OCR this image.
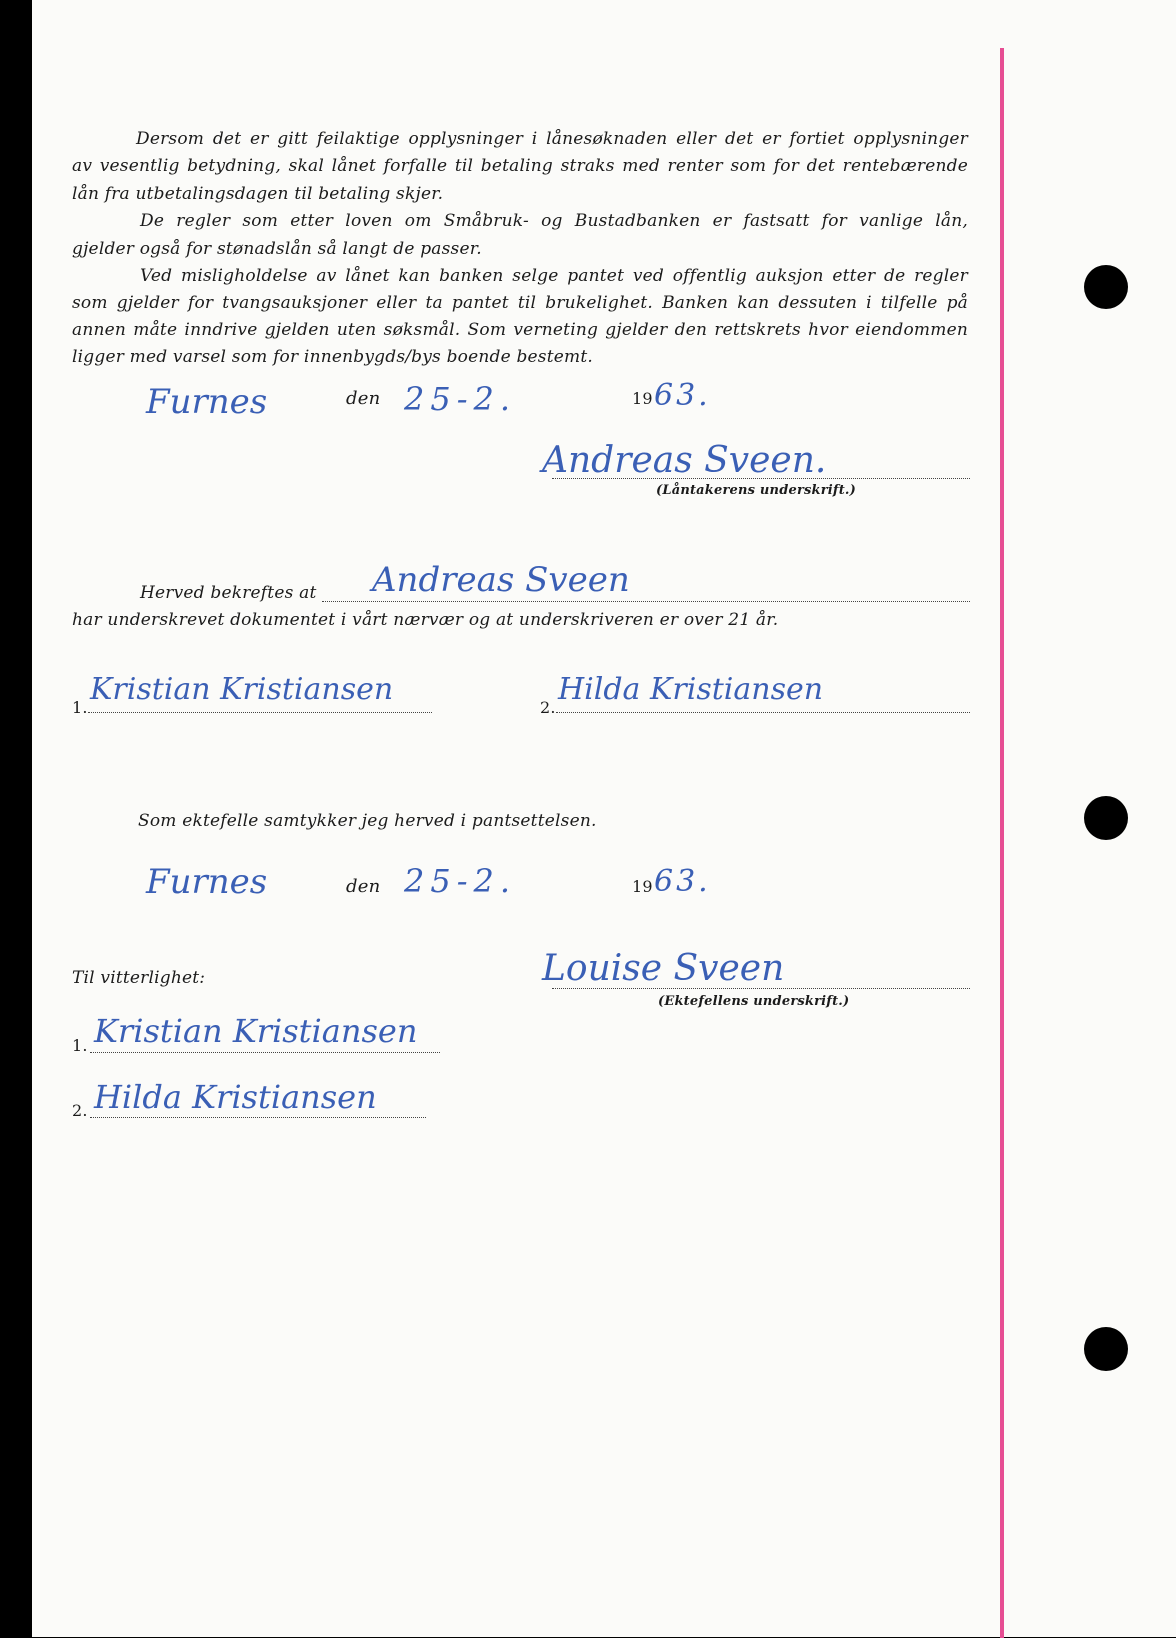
Dersom det er gitt feilaktige opplysninger i lånesøknaden eller det er fortiet opplysninger

av vesentlig betydning, skal lånet forfalle til betaling straks med renter som for det rentebærende

lån fra utbetalingsdagen til betaling skjer.

De regler som etter loven om Småbruk- og Bustadbanken er fastsatt for vanlige lån,

gjelder også for stønadslån så langt de passer.

Ved misligholdelse av lånet kan banken selge pantet ved offentlig auksjon etter de regler

som gjelder for tvangsauksjoner eller ta pantet til brukelighet. Banken kan dessuten i tilfelle på

annen måte inndrive gjelden uten søksmål. Som verneting gjelder den rettskrets hvor eiendommen

ligger med varsel som for innenbygds/bys boende bestemt.

Furnes	den 25-2.	19 63.

Andreas Sveen.

(Låntakerens underskrift.)

Herved bekreftes at Andreas Sveen

har underskrevet dokumentet i vårt nærvær og at underskriveren er over 21 år.

1.

Kristian Kristiansen

2.

Hilda Kristiansen

Som ektefelle samtykker jeg herved i pantsettelsen.

Furnes	den 25-2.	19 63.

Til vitterlighet:	Louise Sveen

(Ektefellens underskrift.)

1. Kristian Kristiansen

2. Hilda Kristiansen
